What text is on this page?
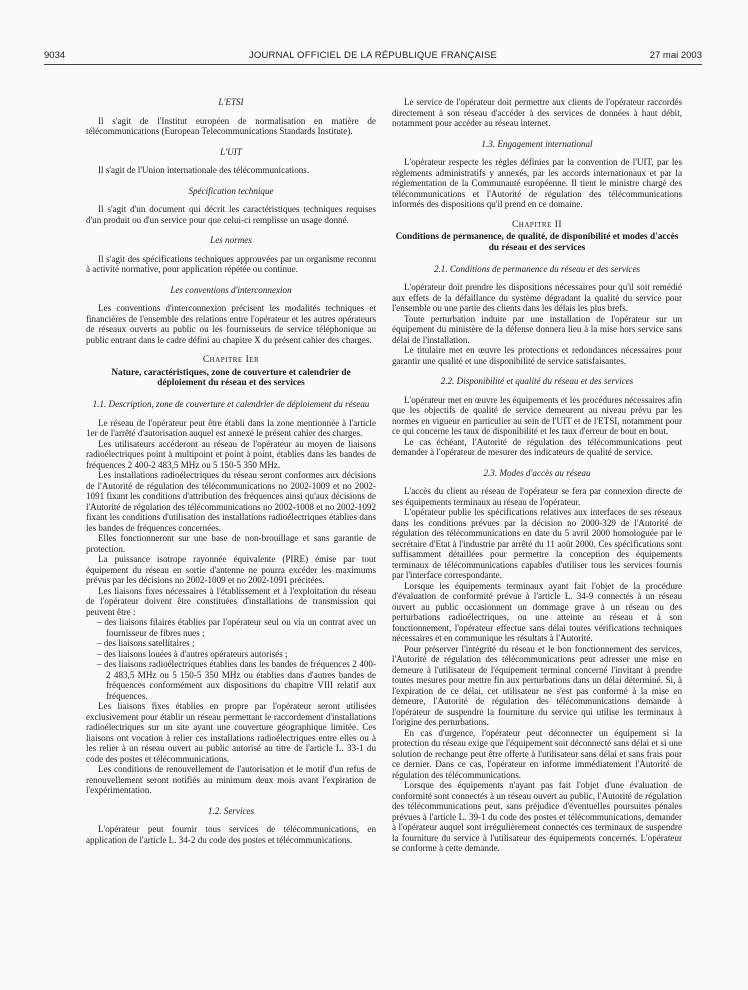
9034	JOURNAL OFFICIEL DE LA RÉPUBLIQUE FRANÇAISE	27 mai 2003
L'ETSI

Il s'agit de l'Institut européen de normalisation en matière de télécommunications (European Telecommunications Standards Institute).

L'UIT

Il s'agit de l'Union internationale des télécommunications.

Spécification technique

Il s'agit d'un document qui décrit les caractéristiques techniques requises d'un produit ou d'un service pour que celui-ci remplisse un usage donné.

Les normes

Il s'agit des spécifications techniques approuvées par un organisme reconnu à activité normative, pour application répétée ou continue.

Les conventions d'interconnexion

Les conventions d'interconnexion précisent les modalités techniques et financières de l'ensemble des relations entre l'opérateur et les autres opérateurs de réseaux ouverts au public ou les fournisseurs de service téléphonique au public entrant dans le cadre défini au chapitre X du présent cahier des charges.

Chapitre Ier
Nature, caractéristiques, zone de couverture et calendrier de déploiement du réseau et des services
1.1. Description, zone de couverture et calendrier de déploiement du réseau

Le réseau de l'opérateur peut être établi dans la zone mentionnée à l'article 1er de l'arrêté d'autorisation auquel est annexé le présent cahier des charges.

Les utilisateurs accéderont au réseau de l'opérateur au moyen de liaisons radioélectriques point à multipoint et point à point, établies dans les bandes de fréquences 2 400-2 483,5 MHz ou 5 150-5 350 MHz.

Les installations radioélectriques du réseau seront conformes aux décisions de l'Autorité de régulation des télécommunications no 2002-1009 et no 2002-1091 fixant les conditions d'attribution des fréquences ainsi qu'aux décisions de l'Autorité de régulation des télécommunications no 2002-1008 et no 2002-1092 fixant les conditions d'utilisation des installations radioélectriques établies dans les bandes de fréquences concernées.

Elles fonctionneront sur une base de non-brouillage et sans garantie de protection.

La puissance isotrope rayonnée équivalente (PIRE) émise par tout équipement du réseau en sortie d'antenne ne pourra excéder les maximums prévus par les décisions no 2002-1009 et no 2002-1091 précitées.

Les liaisons fixes nécessaires à l'établissement et à l'exploitation du réseau de l'opérateur doivent être constituées d'installations de transmission qui peuvent être :

– des liaisons filaires établies par l'opérateur seul ou via un contrat avec un fournisseur de fibres nues ;

– des liaisons satellitaires ;

– des liaisons louées à d'autres opérateurs autorisés ;

– des liaisons radioélectriques établies dans les bandes de fréquences 2 400-2 483,5 MHz ou 5 150-5 350 MHz ou établies dans d'autres bandes de fréquences conformément aux dispositions du chapitre VIII relatif aux fréquences.

Les liaisons fixes établies en propre par l'opérateur seront utilisées exclusivement pour établir un réseau permettant le raccordement d'installations radioélectriques sur un site ayant une couverture géographique limitée. Ces liaisons ont vocation à relier ces installations radioélectriques entre elles ou à les relier à un réseau ouvert au public autorisé au titre de l'article L. 33-1 du code des postes et télécommunications.

Les conditions de renouvellement de l'autorisation et le motif d'un refus de renouvellement seront notifiés au minimum deux mois avant l'expiration de l'expérimentation.

1.2. Services

L'opérateur peut fournir tous services de télécommunications, en application de l'article L. 34-2 du code des postes et télécommunications.

Le service de l'opérateur doit permettre aux clients de l'opérateur raccordés directement à son réseau d'accéder à des services de données à haut débit, notamment pour accéder au réseau internet.

1.3. Engagement international

L'opérateur respecte les règles définies par la convention de l'UIT, par les règlements administratifs y annexés, par les accords internationaux et par la réglementation de la Communauté européenne. Il tient le ministre chargé des télécommunications et l'Autorité de régulation des télécommunications informés des dispositions qu'il prend en ce domaine.

Chapitre II
Conditions de permanence, de qualité, de disponibilité et modes d'accès du réseau et des services
2.1. Conditions de permanence du réseau et des services

L'opérateur doit prendre les dispositions nécessaires pour qu'il soit remédié aux effets de la défaillance du système dégradant la qualité du service pour l'ensemble ou une partie des clients dans les délais les plus brefs.

Toute perturbation induite par une installation de l'opérateur sur un équipement du ministère de la défense donnera lieu à la mise hors service sans délai de l'installation.

Le titulaire met en œuvre les protections et redondances nécessaires pour garantir une qualité et une disponibilité de service satisfaisantes.

2.2. Disponibilité et qualité du réseau et des services

L'opérateur met en œuvre les équipements et les procédures nécessaires afin que les objectifs de qualité de service demeurent au niveau prévu par les normes en vigueur en particulier au sein de l'UIT et de l'ETSI, notamment pour ce qui concerne les taux de disponibilité et les taux d'erreur de bout en bout.

Le cas échéant, l'Autorité de régulation des télécommunications peut demander à l'opérateur de mesurer des indicateurs de qualité de service.

2.3. Modes d'accès au réseau

L'accès du client au réseau de l'opérateur se fera par connexion directe de ses équipements terminaux au réseau de l'opérateur.

L'opérateur publie les spécifications relatives aux interfaces de ses réseaux dans les conditions prévues par la décision no 2000-329 de l'Autorité de régulation des télécommunications en date du 5 avril 2000 homologuée par le secrétaire d'Etat à l'industrie par arrêté du 11 août 2000. Ces spécifications sont suffisamment détaillées pour permettre la conception des équipements terminaux de télécommunications capables d'utiliser tous les services fournis par l'interface correspondante.

Lorsque les équipements terminaux ayant fait l'objet de la procédure d'évaluation de conformité prévue à l'article L. 34-9 connectés à un réseau ouvert au public occasionnent un dommage grave à un réseau ou des perturbations radioélectriques, ou une atteinte au réseau et à son fonctionnement, l'opérateur effectue sans délai toutes vérifications techniques nécessaires et en communique les résultats à l'Autorité.

Pour préserver l'intégrité du réseau et le bon fonctionnement des services, l'Autorité de régulation des télécommunications peut adresser une mise en demeure à l'utilisateur de l'équipement terminal concerné l'invitant à prendre toutes mesures pour mettre fin aux perturbations dans un délai déterminé. Si, à l'expiration de ce délai, cet utilisateur ne s'est pas conformé à la mise en demeure, l'Autorité de régulation des télécommunications demande à l'opérateur de suspendre la fourniture du service qui utilise les terminaux à l'origine des perturbations.

En cas d'urgence, l'opérateur peut déconnecter un équipement si la protection du réseau exige que l'équipement soit déconnecté sans délai et si une solution de rechange peut être offerte à l'utilisateur sans délai et sans frais pour ce dernier. Dans ce cas, l'opérateur en informe immédiatement l'Autorité de régulation des télécommunications.

Lorsque des équipements n'ayant pas fait l'objet d'une évaluation de conformité sont connectés à un réseau ouvert au public, l'Autorité de régulation des télécommunications peut, sans préjudice d'éventuelles poursuites pénales prévues à l'article L. 39-1 du code des postes et télécommunications, demander à l'opérateur auquel sont irrégulièrement connectés ces terminaux de suspendre la fourniture du service à l'utilisateur des équipements concernés. L'opérateur se conforme à cette demande.
